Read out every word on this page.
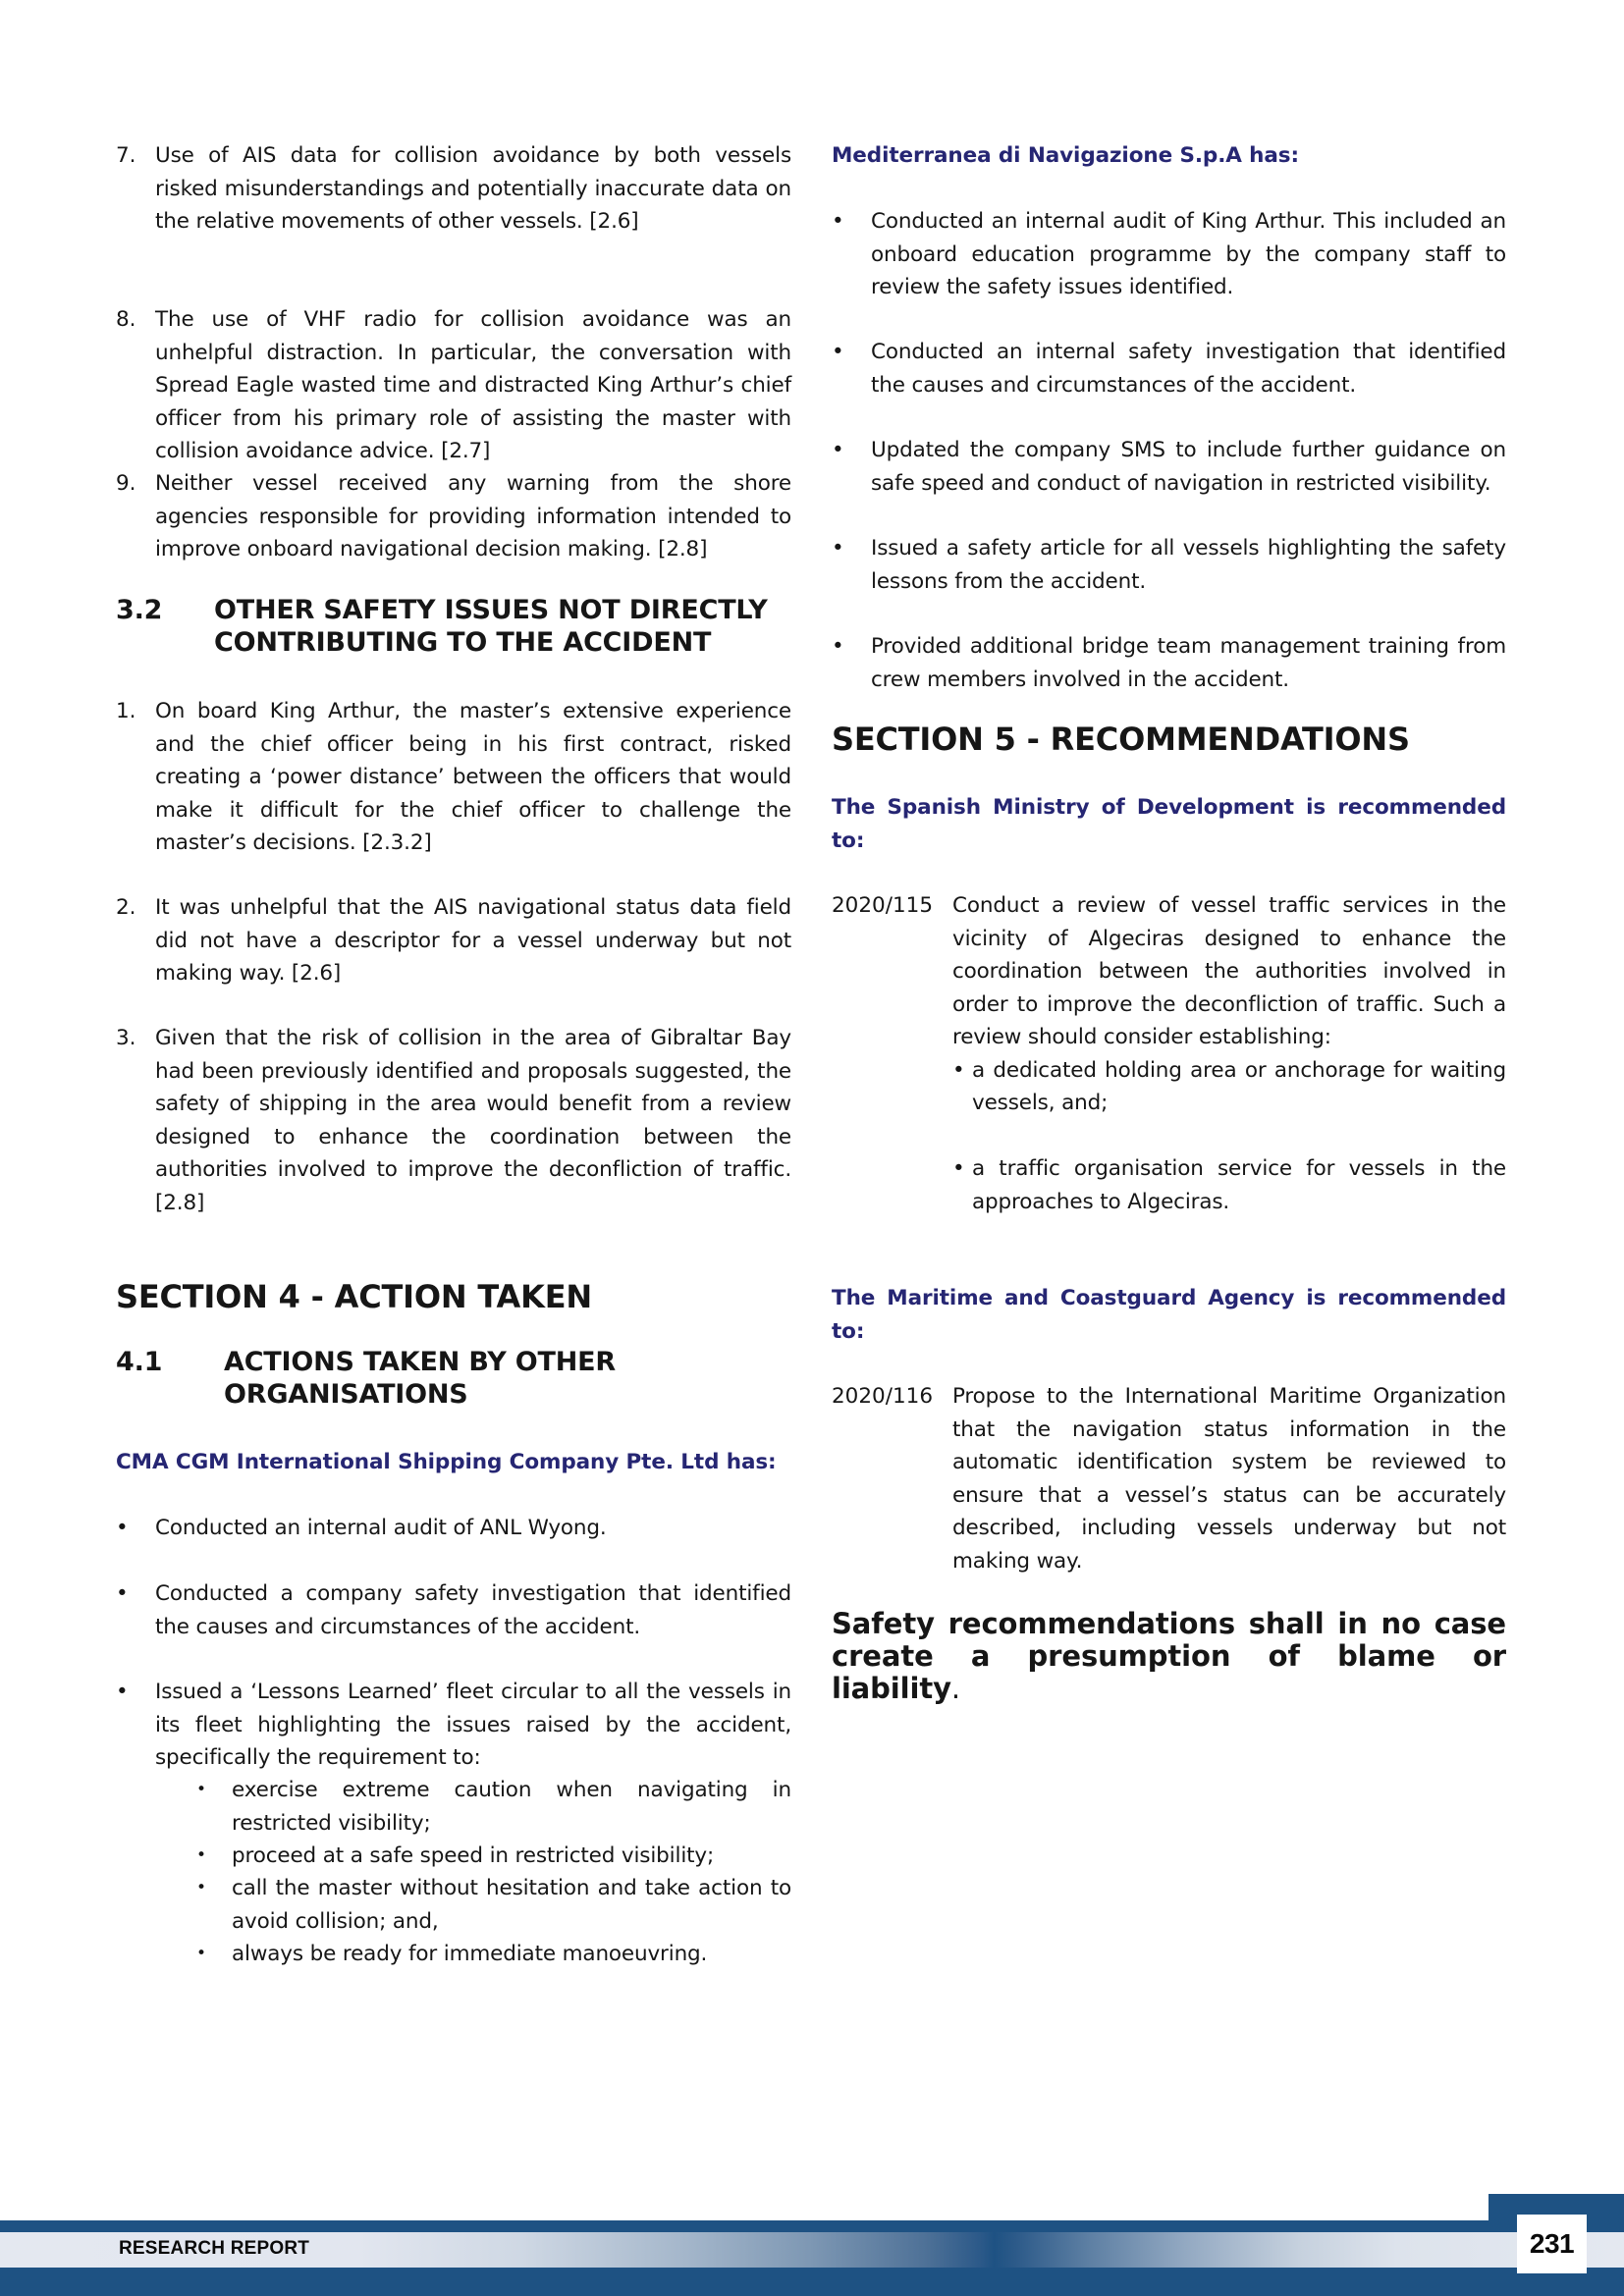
7. Use of AIS data for collision avoidance by both vessels risked misunderstandings and potentially inaccurate data on the relative movements of other vessels. [2.6]

8. The use of VHF radio for collision avoidance was an unhelpful distraction. In particular, the conversation with Spread Eagle wasted time and distracted King Arthur’s chief officer from his primary role of assisting the master with collision avoidance advice. [2.7]

9. Neither vessel received any warning from the shore agencies responsible for providing information intended to improve onboard navigational decision making. [2.8]

3.2	OTHER SAFETY ISSUES NOT DIRECTLY CONTRIBUTING TO THE ACCIDENT
1. On board King Arthur, the master’s extensive experience and the chief officer being in his first contract, risked creating a ‘power distance’ between the officers that would make it difficult for the chief officer to challenge the master’s decisions. [2.3.2]

2. It was unhelpful that the AIS navigational status data field did not have a descriptor for a vessel underway but not making way. [2.6]

3. Given that the risk of collision in the area of Gibraltar Bay had been previously identified and proposals suggested, the safety of shipping in the area would benefit from a review designed to enhance the coordination between the authorities involved to improve the deconfliction of traffic. [2.8]

SECTION 4 - ACTION TAKEN
4.1	ACTIONS TAKEN BY OTHER ORGANISATIONS
CMA CGM International Shipping Company Pte. Ltd has:
•	Conducted an internal audit of ANL Wyong.

•	Conducted a company safety investigation that identified the causes and circumstances of the accident.

•	Issued a ‘Lessons Learned’ fleet circular to all the vessels in its fleet highlighting the issues raised by the accident, specifically the requirement to:

•	exercise extreme caution when navigating in restricted visibility;

•	proceed at a safe speed in restricted visibility;

•	call the master without hesitation and take action to avoid collision; and,

•	always be ready for immediate manoeuvring.

Mediterranea di Navigazione S.p.A has:
•	Conducted an internal audit of King Arthur. This included an onboard education programme by the company staff to review the safety issues identified.

•	Conducted an internal safety investigation that identified the causes and circumstances of the accident.

•	Updated the company SMS to include further guidance on safe speed and conduct of navigation in restricted visibility.

•	Issued a safety article for all vessels highlighting the safety lessons from the accident.

•	Provided additional bridge team management training from crew members involved in the accident.

SECTION 5 - RECOMMENDATIONS
The Spanish Ministry of Development is recommended to:
2020/115 Conduct a review of vessel traffic services in the vicinity of Algeciras designed to enhance the coordination between the authorities involved in order to improve the deconfliction of traffic. Such a review should consider establishing:

• a dedicated holding area or anchorage for waiting vessels, and;

• a traffic organisation service for vessels in the approaches to Algeciras.

The Maritime and Coastguard Agency is recommended to:
2020/116 Propose to the International Maritime Organization that the navigation status information in the automatic identification system be reviewed to ensure that a vessel’s status can be accurately described, including vessels underway but not making way.

Safety recommendations shall in no case create a presumption of blame or liability.
RESEARCH REPORT	231
